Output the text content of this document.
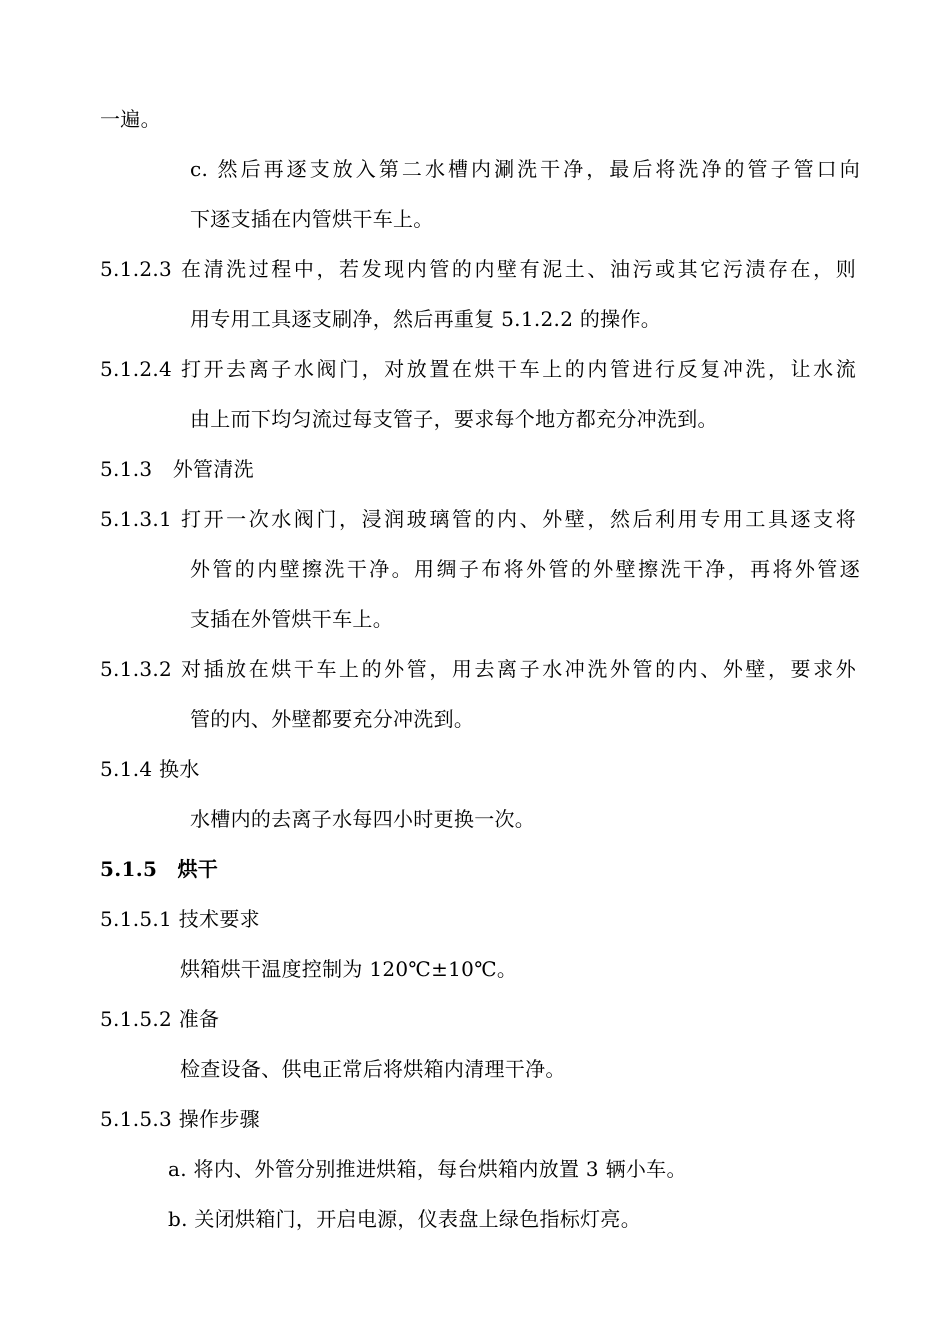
一遍。
c. 然后再逐支放入第二水槽内涮洗干净，最后将洗净的管子管口向
下逐支插在内管烘干车上。
5.1.2.3 在清洗过程中，若发现内管的内壁有泥土、油污或其它污渍存在，则
用专用工具逐支刷净，然后再重复 5.1.2.2 的操作。
5.1.2.4 打开去离子水阀门，对放置在烘干车上的内管进行反复冲洗，让水流
由上而下均匀流过每支管子，要求每个地方都充分冲洗到。
5.1.3　外管清洗
5.1.3.1 打开一次水阀门，浸润玻璃管的内、外壁，然后利用专用工具逐支将
外管的内壁擦洗干净。用绸子布将外管的外壁擦洗干净，再将外管逐
支插在外管烘干车上。
5.1.3.2 对插放在烘干车上的外管，用去离子水冲洗外管的内、外壁，要求外
管的内、外壁都要充分冲洗到。
5.1.4 换水
水槽内的去离子水每四小时更换一次。
5.1.5　烘干
5.1.5.1 技术要求
烘箱烘干温度控制为 120℃±10℃。
5.1.5.2 准备
检查设备、供电正常后将烘箱内清理干净。
5.1.5.3 操作步骤
a. 将内、外管分别推进烘箱，每台烘箱内放置 3 辆小车。
b. 关闭烘箱门，开启电源，仪表盘上绿色指标灯亮。
